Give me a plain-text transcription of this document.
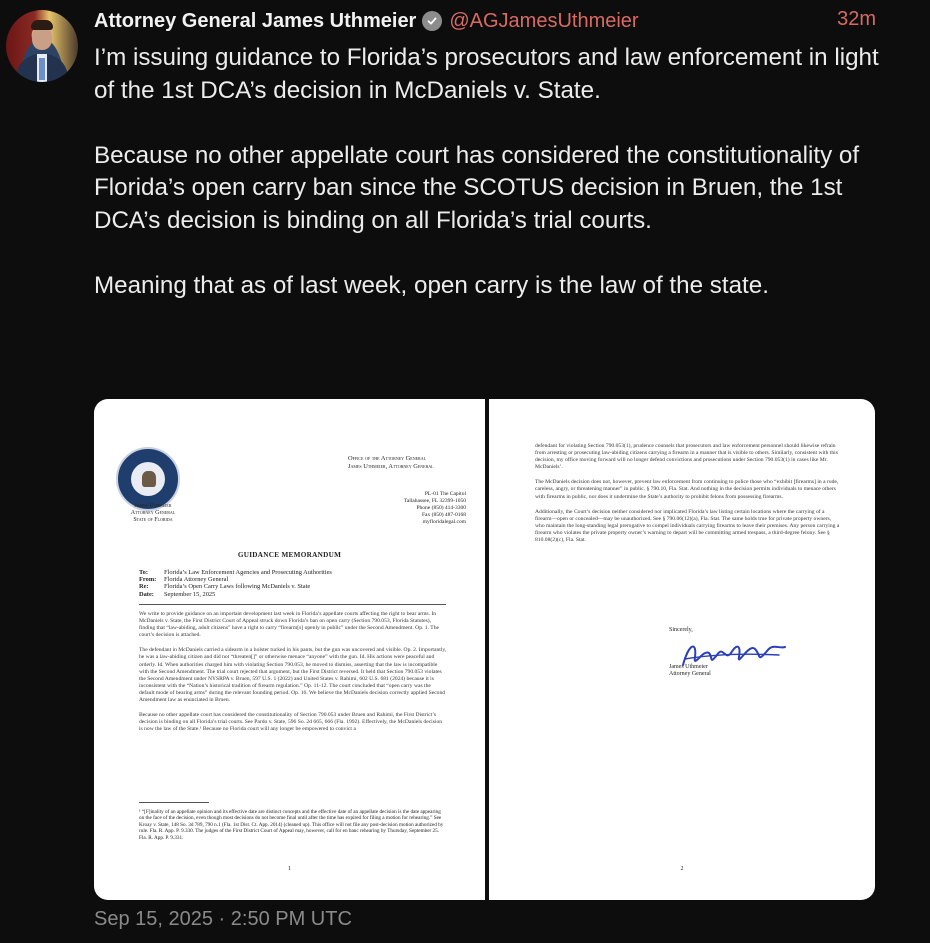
Attorney General James Uthmeier @AGJamesUthmeier	32m
I’m issuing guidance to Florida’s prosecutors and law enforcement in light of the 1st DCA’s decision in McDaniels v. State.

Because no other appellate court has considered the constitutionality of Florida’s open carry ban since the SCOTUS decision in Bruen, the 1st DCA’s decision is binding on all Florida’s trial courts.

Meaning that as of last week, open carry is the law of the state.
James Uthmeier
Attorney General
State of Florida
Office of the Attorney General
James Uthmeier, Attorney General
PL-01 The Capitol
Tallahassee, FL 32399-1050
Phone (850) 414-3300
Fax (850) 487-0168
myfloridalegal.com
GUIDANCE MEMORANDUM
To:	Florida’s Law Enforcement Agencies and Prosecuting Authorities
From: Florida Attorney General
Re: Florida’s Open Carry Laws following McDaniels v. State
Date: September 15, 2025

We write to provide guidance on an important development last week in Florida’s appellate courts affecting the right to bear arms. In McDaniels v. State, the First District Court of Appeal struck down Florida’s ban on open carry (Section 790.053, Florida Statutes), finding that “law-abiding, adult citizens” have a right to carry “firearm[s] openly in public” under the Second Amendment. Op. 1. The court’s decision is attached.

The defendant in McDaniels carried a sidearm in a holster tucked in his pants, but the gun was uncovered and visible. Op. 2. Importantly, he was a law-abiding citizen and did not “threaten[]” or otherwise menace “anyone” with the gun. Id. His actions were peaceful and orderly. Id. When authorities charged him with violating Section 790.053, he moved to dismiss, asserting that the law is incompatible with the Second Amendment. The trial court rejected that argument, but the First District reversed. It held that Section 790.053 violates the Second Amendment under NYSRPA v. Bruen, 597 U.S. 1 (2022) and United States v. Rahimi, 602 U.S. 681 (2024) because it is inconsistent with the “Nation’s historical tradition of firearm regulation.” Op. 11-12. The court concluded that “open carry was the default mode of bearing arms” during the relevant founding period. Op. 16. We believe the McDaniels decision correctly applied Second Amendment law as enunciated in Bruen.

Because no other appellate court has considered the constitutionality of Section 790.053 under Bruen and Rahimi, the First District’s decision is binding on all Florida’s trial courts. See Pardo v. State, 596 So. 2d 665, 666 (Fla. 1992). Effectively, the McDaniels decision is now the law of the State.¹ Because no Florida court will any longer be empowered to convict a

¹ “[F]inality of an appellate opinion and its effective date are distinct concepts and the effective date of an appellate decision is the date appearing on the face of the decision, even though most decisions do not become final until after the time has expired for filing a motion for rehearing.” See Kroay v. State, 148 So. 3d 789, 790 n.1 (Fla. 1st Dist. Ct. App. 2014) (cleaned up). This office will not file any post-decision motion authorized by rule. Fla. R. App. P. 9.330. The judges of the First District Court of Appeal may, however, call for en banc rehearing by Thursday, September 25. Fla. R. App. P. 9.331.
1

defendant for violating Section 790.053(1), prudence counsels that prosecutors and law enforcement personnel should likewise refrain from arresting or prosecuting law-abiding citizens carrying a firearm in a manner that is visible to others. Similarly, consistent with this decision, my office moving forward will no longer defend convictions and prosecutions under Section 790.053(1) in cases like Mr. McDaniels’.

The McDaniels decision does not, however, prevent law enforcement from continuing to police those who “exhibit [firearms] in a rude, careless, angry, or threatening manner” in public. § 790.10, Fla. Stat. And nothing in the decision permits individuals to menace others with firearms in public, nor does it undermine the State’s authority to prohibit felons from possessing firearms.

Additionally, the Court’s decision neither considered nor implicated Florida’s law listing certain locations where the carrying of a firearm—open or concealed—may be unauthorized. See § 790.06(12)(a), Fla. Stat. The same holds true for private property owners, who maintain the long-standing legal prerogative to compel individuals carrying firearms to leave their premises. Any person carrying a firearm who violates the private property owner’s warning to depart will be committing armed trespass, a third-degree felony. See § 810.08(2)(c), Fla. Stat.

Sincerely,
James Uthmeier
Attorney General
2
Sep 15, 2025 · 2:50 PM UTC
